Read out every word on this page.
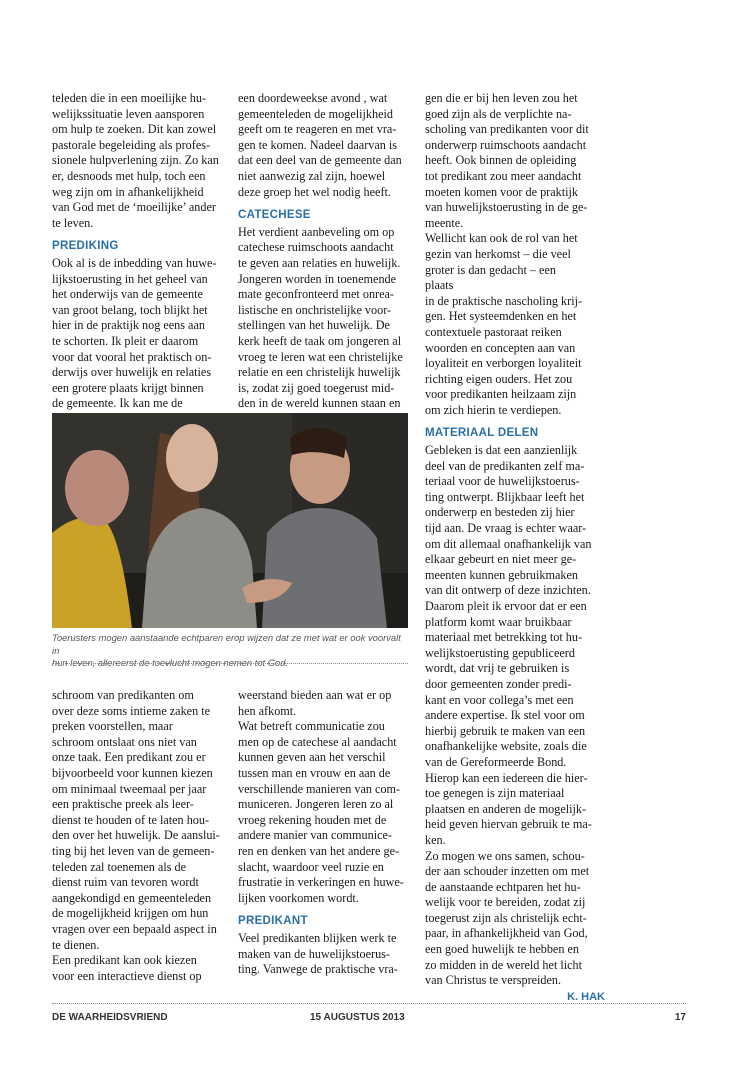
teleden die in een moeilijke hu-
welijkssituatie leven aansporen
om hulp te zoeken. Dit kan zowel
pastorale begeleiding als profes-
sionele hulpverlening zijn. Zo kan
er, desnoods met hulp, toch een
weg zijn om in afhankelijkheid
van God met de ‘moeilijke’ ander
te leven.

PREDIKING

Ook al is de inbedding van huwe-
lijkstoerusting in het geheel van
het onderwijs van de gemeente
van groot belang, toch blijkt het
hier in de praktijk nog eens aan
te schorten. Ik pleit er daarom
voor dat vooral het praktisch on-
derwijs over huwelijk en relaties
een grotere plaats krijgt binnen
de gemeente. Ik kan me de

een doordeweekse avond , wat
gemeenteleden de mogelijkheid
geeft om te reageren en met vra-
gen te komen. Nadeel daarvan is
dat een deel van de gemeente dan
niet aanwezig zal zijn, hoewel
deze groep het wel nodig heeft.

CATECHESE

Het verdient aanbeveling om op
catechese ruimschoots aandacht
te geven aan relaties en huwelijk.
Jongeren worden in toenemende
mate geconfronteerd met onrea-
listische en onchristelijke voor-
stellingen van het huwelijk. De
kerk heeft de taak om jongeren al
vroeg te leren wat een christelijke
relatie en een christelijk huwelijk
is, zodat zij goed toegerust mid-
den in de wereld kunnen staan en

gen die er bij hen leven zou het
goed zijn als de verplichte na-
scholing van predikanten voor dit
onderwerp ruimschoots aandacht
heeft. Ook binnen de opleiding
tot predikant zou meer aandacht
moeten komen voor de praktijk
van huwelijkstoerusting in de ge-
meente.

Wellicht kan ook de rol van het
gezin van herkomst – die veel
groter is dan gedacht – een
plaats
in de praktische nascholing krij-
gen. Het systeemdenken en het
contextuele pastoraat reiken
woorden en concepten aan van
loyaliteit en verborgen loyaliteit
richting eigen ouders. Het zou
voor predikanten heilzaam zijn
om zich hierin te verdiepen.

MATERIAAL DELEN

Gebleken is dat een aanzienlijk
deel van de predikanten zelf ma-
teriaal voor de huwelijkstoerus-
ting ontwerpt. Blijkbaar leeft het
onderwerp en besteden zij hier
tijd aan. De vraag is echter waar-
om dit allemaal onafhankelijk van
elkaar gebeurt en niet meer ge-
meenten kunnen gebruikmaken
van dit ontwerp of deze inzichten.
Daarom pleit ik ervoor dat er een
platform komt waar bruikbaar
materiaal met betrekking tot hu-
welijkstoerusting gepubliceerd
wordt, dat vrij te gebruiken is
door gemeenten zonder predi-
kant en voor collega’s met een
andere expertise. Ik stel voor om
hierbij gebruik te maken van een
onafhankelijke website, zoals die
van de Gereformeerde Bond.
Hierop kan een iedereen die hier-
toe genegen is zijn materiaal
plaatsen en anderen de mogelijk-
heid geven hiervan gebruik te ma-
ken.

Zo mogen we ons samen, schou-
der aan schouder inzetten om met
de aanstaande echtparen het hu-
welijk voor te bereiden, zodat zij
toegerust zijn als christelijk echt-
paar, in afhankelijkheid van God,
een goed huwelijk te hebben en
zo midden in de wereld het licht
van Christus te verspreiden.

K. HAK
Toerusters mogen aanstaande echtparen erop wijzen dat ze met wat er ook voorvalt in
hun leven, allereerst de toevlucht mogen nemen tot God.

schroom van predikanten om
over deze soms intieme zaken te
preken voorstellen, maar
schroom ontslaat ons niet van
onze taak. Een predikant zou er
bijvoorbeeld voor kunnen kiezen
om minimaal tweemaal per jaar
een praktische preek als leer-
dienst te houden of te laten hou-
den over het huwelijk. De aanslui-
ting bij het leven van de gemeen-
teleden zal toenemen als de
dienst ruim van tevoren wordt
aangekondigd en gemeenteleden
de mogelijkheid krijgen om hun
vragen over een bepaald aspect in
te dienen.

Een predikant kan ook kiezen
voor een interactieve dienst op

weerstand bieden aan wat er op
hen afkomt.

Wat betreft communicatie zou
men op de catechese al aandacht
kunnen geven aan het verschil
tussen man en vrouw en aan de
verschillende manieren van com-
municeren. Jongeren leren zo al
vroeg rekening houden met de
andere manier van communice-
ren en denken van het andere ge-
slacht, waardoor veel ruzie en
frustratie in verkeringen en huwe-
lijken voorkomen wordt.

PREDIKANT

Veel predikanten blijken werk te
maken van de huwelijkstoerus-
ting. Vanwege de praktische vra-

DE WAARHEIDSVRIEND	15 AUGUSTUS 2013	17
